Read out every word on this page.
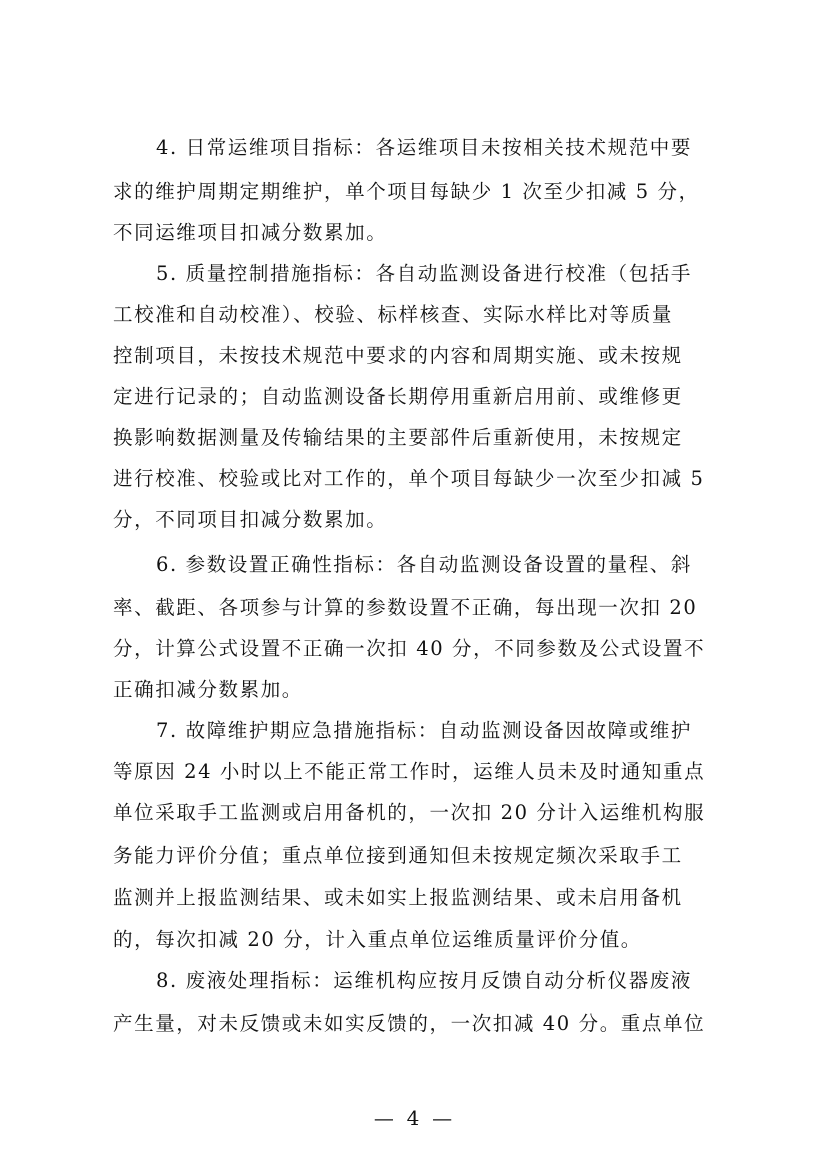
4. 日常运维项目指标：各运维项目未按相关技术规范中要
求的维护周期定期维护，单个项目每缺少 1 次至少扣减 5 分，
不同运维项目扣减分数累加。
5. 质量控制措施指标：各自动监测设备进行校准（包括手
工校准和自动校准）、校验、标样核查、实际水样比对等质量
控制项目，未按技术规范中要求的内容和周期实施、或未按规
定进行记录的；自动监测设备长期停用重新启用前、或维修更
换影响数据测量及传输结果的主要部件后重新使用，未按规定
进行校准、校验或比对工作的，单个项目每缺少一次至少扣减 5
分，不同项目扣减分数累加。
6. 参数设置正确性指标：各自动监测设备设置的量程、斜
率、截距、各项参与计算的参数设置不正确，每出现一次扣 20
分，计算公式设置不正确一次扣 40 分，不同参数及公式设置不
正确扣减分数累加。
7. 故障维护期应急措施指标：自动监测设备因故障或维护
等原因 24 小时以上不能正常工作时，运维人员未及时通知重点
单位采取手工监测或启用备机的，一次扣 20 分计入运维机构服
务能力评价分值；重点单位接到通知但未按规定频次采取手工
监测并上报监测结果、或未如实上报监测结果、或未启用备机
的，每次扣减 20 分，计入重点单位运维质量评价分值。
8. 废液处理指标：运维机构应按月反馈自动分析仪器废液
产生量，对未反馈或未如实反馈的，一次扣减 40 分。重点单位
—  4  —
